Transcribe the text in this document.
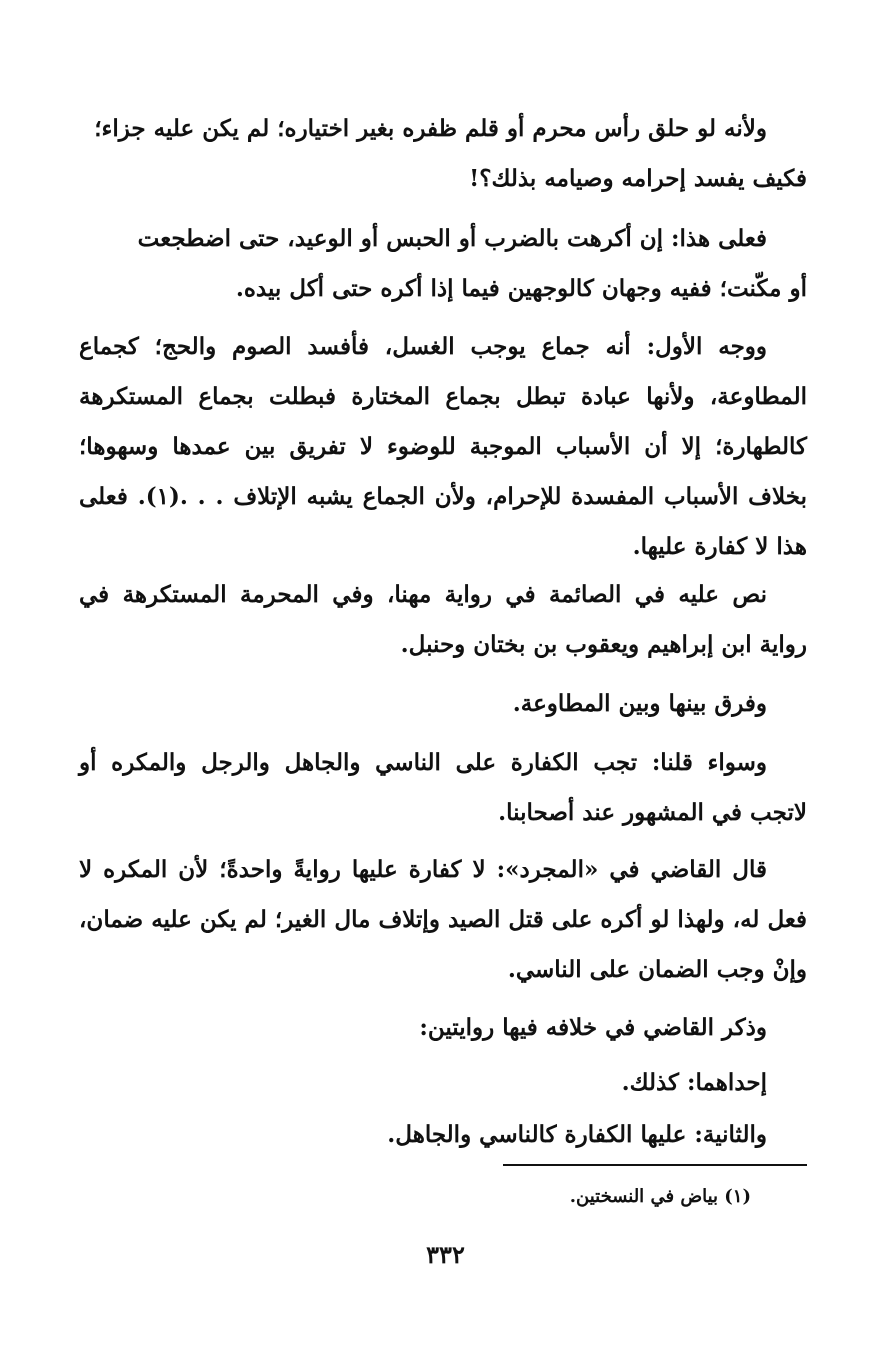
ولأنه لو حلق رأس محرم أو قلم ظفره بغير اختياره؛ لم يكن عليه جزاء؛
فكيف يفسد إحرامه وصيامه بذلك؟!

فعلى هذا: إن أكرهت بالضرب أو الحبس أو الوعيد، حتى اضطجعت
أو مكّنت؛ ففيه وجهان كالوجهين فيما إذا أكره حتى أكل بيده.

ووجه الأول: أنه جماع يوجب الغسل، فأفسد الصوم والحج؛ كجماع المطاوعة، ولأنها عبادة تبطل بجماع المختارة فبطلت بجماع المستكرهة كالطهارة؛ إلا أن الأسباب الموجبة للوضوء لا تفريق بين عمدها وسهوها؛ بخلاف الأسباب المفسدة للإحرام، ولأن الجماع يشبه الإتلاف . . .(١). فعلى هذا لا كفارة عليها.

نص عليه في الصائمة في رواية مهنا، وفي المحرمة المستكرهة في رواية ابن إبراهيم ويعقوب بن بختان وحنبل.

وفرق بينها وبين المطاوعة.

وسواء قلنا: تجب الكفارة على الناسي والجاهل والرجل والمكره أو لاتجب في المشهور عند أصحابنا.

قال القاضي في «المجرد»: لا كفارة عليها روايةً واحدةً؛ لأن المكره لا فعل له، ولهذا لو أكره على قتل الصيد وإتلاف مال الغير؛ لم يكن عليه ضمان، وإنْ وجب الضمان على الناسي.

وذكر القاضي في خلافه فيها روايتين:

إحداهما: كذلك.

والثانية: عليها الكفارة كالناسي والجاهل.

(١) بياض في النسختين.
٣٣٢
